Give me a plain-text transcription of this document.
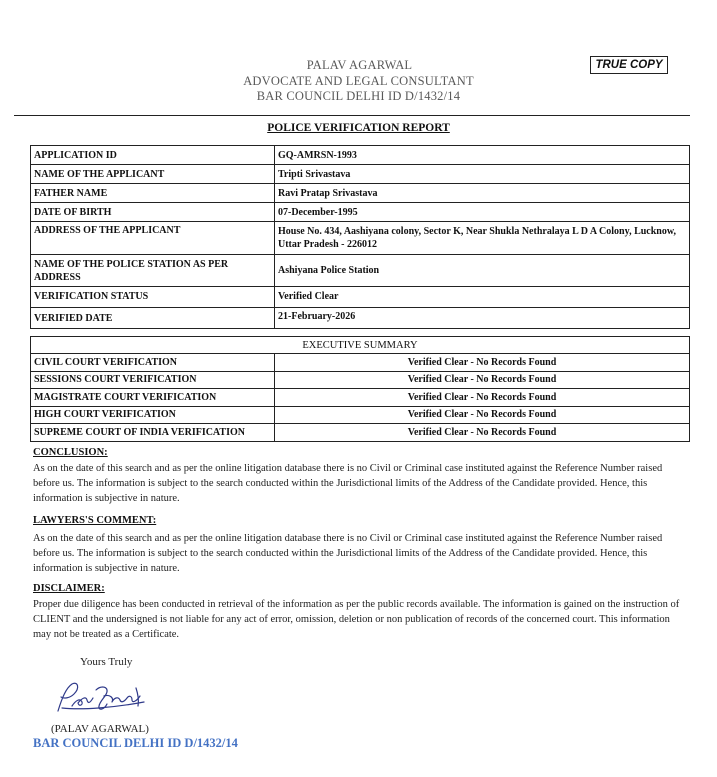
PALAV AGARWAL
ADVOCATE AND LEGAL CONSULTANT
BAR COUNCIL DELHI ID D/1432/14
TRUE COPY
POLICE VERIFICATION REPORT
APPLICATION ID	GQ-AMRSN-1993
NAME OF THE APPLICANT	Tripti Srivastava
FATHER NAME	Ravi Pratap Srivastava
DATE OF BIRTH	07-December-1995
ADDRESS OF THE APPLICANT	House No. 434, Aashiyana colony, Sector K, Near Shukla Nethralaya L D A Colony, Lucknow, Uttar Pradesh - 226012
NAME OF THE POLICE STATION AS PER ADDRESS	Ashiyana Police Station
VERIFICATION STATUS	Verified Clear
VERIFIED DATE	21-February-2026
EXECUTIVE SUMMARY	
CIVIL COURT VERIFICATION	Verified Clear - No Records Found
SESSIONS COURT VERIFICATION	Verified Clear - No Records Found
MAGISTRATE COURT VERIFICATION	Verified Clear - No Records Found
HIGH COURT VERIFICATION	Verified Clear - No Records Found
SUPREME COURT OF INDIA VERIFICATION	Verified Clear - No Records Found
CONCLUSION:
As on the date of this search and as per the online litigation database there is no Civil or Criminal case instituted against the Reference Number raised before us. The information is subject to the search conducted within the Jurisdictional limits of the Address of the Candidate provided. Hence, this information is subjective in nature.
LAWYERS'S COMMENT:
As on the date of this search and as per the online litigation database there is no Civil or Criminal case instituted against the Reference Number raised before us. The information is subject to the search conducted within the Jurisdictional limits of the Address of the Candidate provided. Hence, this information is subjective in nature.
DISCLAIMER:
Proper due diligence has been conducted in retrieval of the information as per the public records available. The information is gained on the instruction of CLIENT and the undersigned is not liable for any act of error, omission, deletion or non publication of records of the concerned court. This information may not be treated as a Certificate.
Yours Truly
(PALAV AGARWAL)
BAR COUNCIL DELHI ID D/1432/14
